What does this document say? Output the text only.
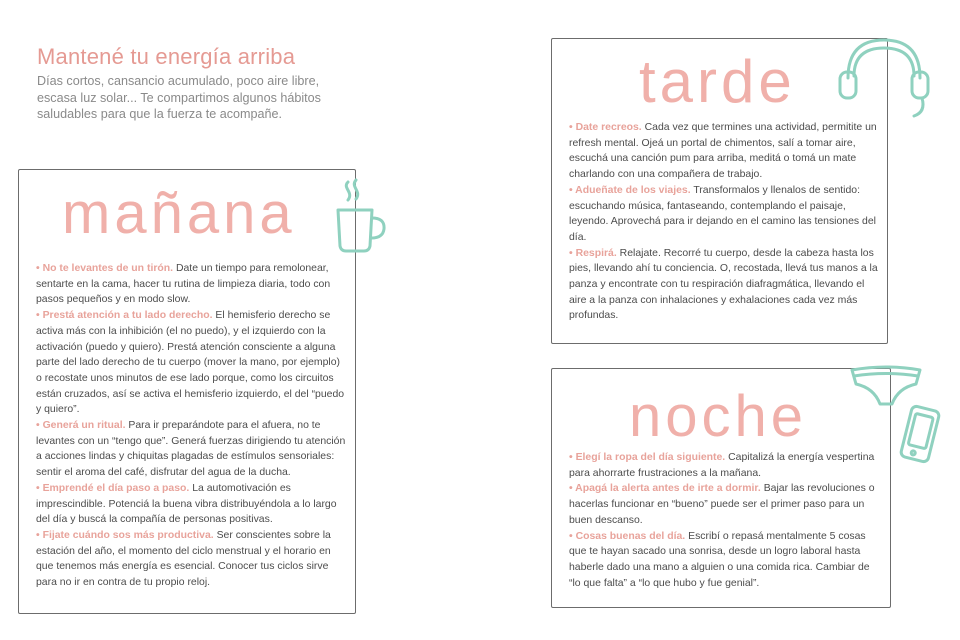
Mantené tu energía arriba

Días cortos, cansancio acumulado, poco aire libre, escasa luz solar... Te compartimos algunos hábitos saludables para que la fuerza te acompañe.

mañana

• No te levantes de un tirón. Date un tiempo para remolonear, sentarte en la cama, hacer tu rutina de limpieza diaria, todo con pasos pequeños y en modo slow.

• Prestá atención a tu lado derecho. El hemisferio derecho se activa más con la inhibición (el no puedo), y el izquierdo con la activación (puedo y quiero). Prestá atención consciente a alguna parte del lado derecho de tu cuerpo (mover la mano, por ejemplo) o recostate unos minutos de ese lado porque, como los circuitos están cruzados, así se activa el hemisferio izquierdo, el del “puedo y quiero”.

• Generá un ritual. Para ir preparándote para el afuera, no te levantes con un “tengo que”. Generá fuerzas dirigiendo tu atención a acciones lindas y chiquitas plagadas de estímulos sensoriales: sentir el aroma del café, disfrutar del agua de la ducha.

• Emprendé el día paso a paso. La automotivación es imprescindible. Potenciá la buena vibra distribuyéndola a lo largo del día y buscá la compañía de personas positivas.

• Fijate cuándo sos más productiva. Ser conscientes sobre la estación del año, el momento del ciclo menstrual y el horario en que tenemos más energía es esencial. Conocer tus ciclos sirve para no ir en contra de tu propio reloj.

tarde

• Date recreos. Cada vez que termines una actividad, permitite un refresh mental. Ojeá un portal de chimentos, salí a tomar aire, escuchá una canción pum para arriba, meditá o tomá un mate charlando con una compañera de trabajo.

• Adueñate de los viajes. Transformalos y llenalos de sentido: escuchando música, fantaseando, contemplando el paisaje, leyendo. Aprovechá para ir dejando en el camino las tensiones del día.

• Respirá. Relajate. Recorré tu cuerpo, desde la cabeza hasta los pies, llevando ahí tu conciencia. O, recostada, llevá tus manos a la panza y encontrate con tu respiración diafragmática, llevando el aire a la panza con inhalaciones y exhalaciones cada vez más profundas.

noche

• Elegí la ropa del día siguiente. Capitalizá la energía vespertina para ahorrarte frustraciones a la mañana.

• Apagá la alerta antes de irte a dormir. Bajar las revoluciones o hacerlas funcionar en “bueno” puede ser el primer paso para un buen descanso.

• Cosas buenas del día. Escribí o repasá mentalmente 5 cosas que te hayan sacado una sonrisa, desde un logro laboral hasta haberle dado una mano a alguien o una comida rica. Cambiar de “lo que falta” a “lo que hubo y fue genial”.
